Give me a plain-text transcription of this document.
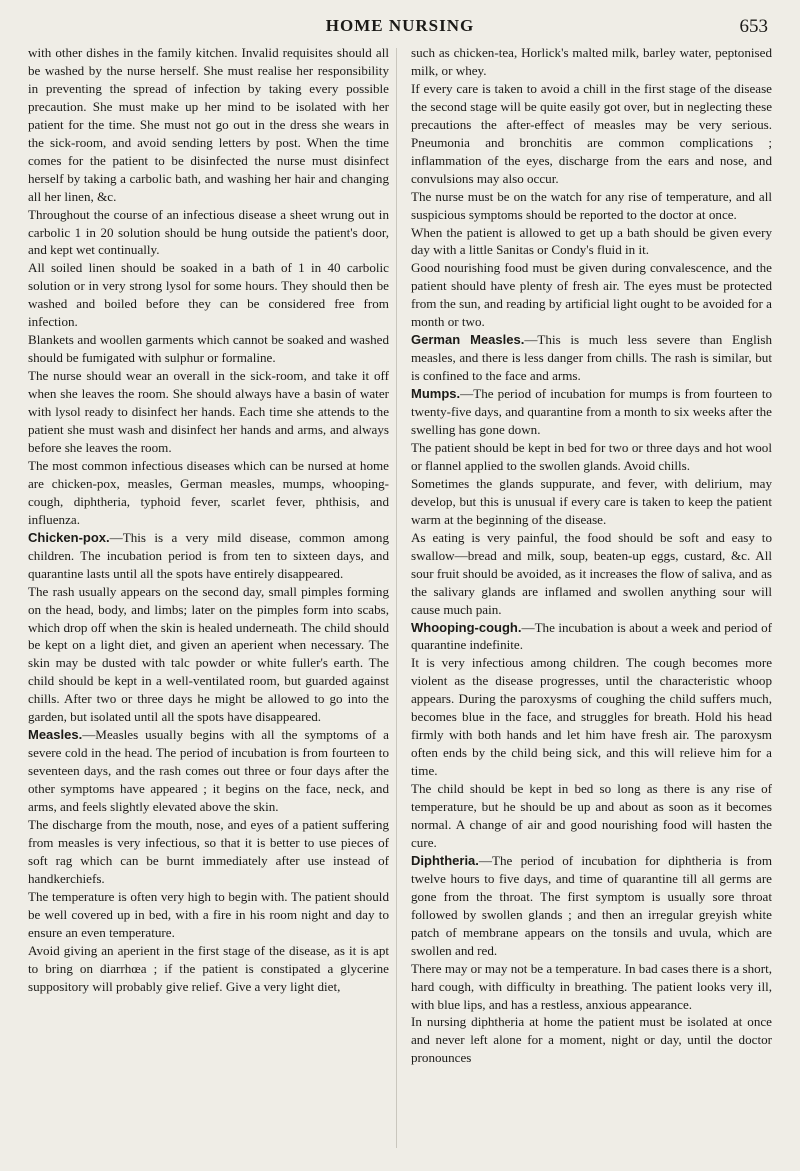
HOME NURSING	653

with other dishes in the family kitchen. Invalid requisites should all be washed by the nurse herself. She must realise her responsibility in preventing the spread of infection by taking every possible precaution. She must make up her mind to be isolated with her patient for the time. She must not go out in the dress she wears in the sick-room, and avoid sending letters by post. When the time comes for the patient to be disinfected the nurse must disinfect herself by taking a carbolic bath, and washing her hair and changing all her linen, &c.

Throughout the course of an infectious disease a sheet wrung out in carbolic 1 in 20 solution should be hung outside the patient's door, and kept wet continually.

All soiled linen should be soaked in a bath of 1 in 40 carbolic solution or in very strong lysol for some hours. They should then be washed and boiled before they can be considered free from infection.

Blankets and woollen garments which cannot be soaked and washed should be fumigated with sulphur or formaline.

The nurse should wear an overall in the sick-room, and take it off when she leaves the room. She should always have a basin of water with lysol ready to disinfect her hands. Each time she attends to the patient she must wash and disinfect her hands and arms, and always before she leaves the room.

The most common infectious diseases which can be nursed at home are chicken-pox, measles, German measles, mumps, whooping-cough, diphtheria, typhoid fever, scarlet fever, phthisis, and influenza.

Chicken-pox.—This is a very mild disease, common among children. The incubation period is from ten to sixteen days, and quarantine lasts until all the spots have entirely disappeared.

The rash usually appears on the second day, small pimples forming on the head, body, and limbs; later on the pimples form into scabs, which drop off when the skin is healed underneath. The child should be kept on a light diet, and given an aperient when necessary. The skin may be dusted with talc powder or white fuller's earth. The child should be kept in a well-ventilated room, but guarded against chills. After two or three days he might be allowed to go into the garden, but isolated until all the spots have disappeared.

Measles.—Measles usually begins with all the symptoms of a severe cold in the head. The period of incubation is from fourteen to seventeen days, and the rash comes out three or four days after the other symptoms have appeared ; it begins on the face, neck, and arms, and feels slightly elevated above the skin.

The discharge from the mouth, nose, and eyes of a patient suffering from measles is very infectious, so that it is better to use pieces of soft rag which can be burnt immediately after use instead of handkerchiefs.

The temperature is often very high to begin with. The patient should be well covered up in bed, with a fire in his room night and day to ensure an even temperature.

Avoid giving an aperient in the first stage of the disease, as it is apt to bring on diarrhœa ; if the patient is constipated a glycerine suppository will probably give relief. Give a very light diet,

such as chicken-tea, Horlick's malted milk, barley water, peptonised milk, or whey.

If every care is taken to avoid a chill in the first stage of the disease the second stage will be quite easily got over, but in neglecting these precautions the after-effect of measles may be very serious. Pneumonia and bronchitis are common complications ; inflammation of the eyes, discharge from the ears and nose, and convulsions may also occur.

The nurse must be on the watch for any rise of temperature, and all suspicious symptoms should be reported to the doctor at once.

When the patient is allowed to get up a bath should be given every day with a little Sanitas or Condy's fluid in it.

Good nourishing food must be given during convalescence, and the patient should have plenty of fresh air. The eyes must be protected from the sun, and reading by artificial light ought to be avoided for a month or two.

German Measles.—This is much less severe than English measles, and there is less danger from chills. The rash is similar, but is confined to the face and arms.

Mumps.—The period of incubation for mumps is from fourteen to twenty-five days, and quarantine from a month to six weeks after the swelling has gone down.

The patient should be kept in bed for two or three days and hot wool or flannel applied to the swollen glands. Avoid chills.

Sometimes the glands suppurate, and fever, with delirium, may develop, but this is unusual if every care is taken to keep the patient warm at the beginning of the disease.

As eating is very painful, the food should be soft and easy to swallow—bread and milk, soup, beaten-up eggs, custard, &c. All sour fruit should be avoided, as it increases the flow of saliva, and as the salivary glands are inflamed and swollen anything sour will cause much pain.

Whooping-cough.—The incubation is about a week and period of quarantine indefinite.

It is very infectious among children. The cough becomes more violent as the disease progresses, until the characteristic whoop appears. During the paroxysms of coughing the child suffers much, becomes blue in the face, and struggles for breath. Hold his head firmly with both hands and let him have fresh air. The paroxysm often ends by the child being sick, and this will relieve him for a time.

The child should be kept in bed so long as there is any rise of temperature, but he should be up and about as soon as it becomes normal. A change of air and good nourishing food will hasten the cure.

Diphtheria.—The period of incubation for diphtheria is from twelve hours to five days, and time of quarantine till all germs are gone from the throat. The first symptom is usually sore throat followed by swollen glands ; and then an irregular greyish white patch of membrane appears on the tonsils and uvula, which are swollen and red.

There may or may not be a temperature. In bad cases there is a short, hard cough, with difficulty in breathing. The patient looks very ill, with blue lips, and has a restless, anxious appearance.

In nursing diphtheria at home the patient must be isolated at once and never left alone for a moment, night or day, until the doctor pronounces
